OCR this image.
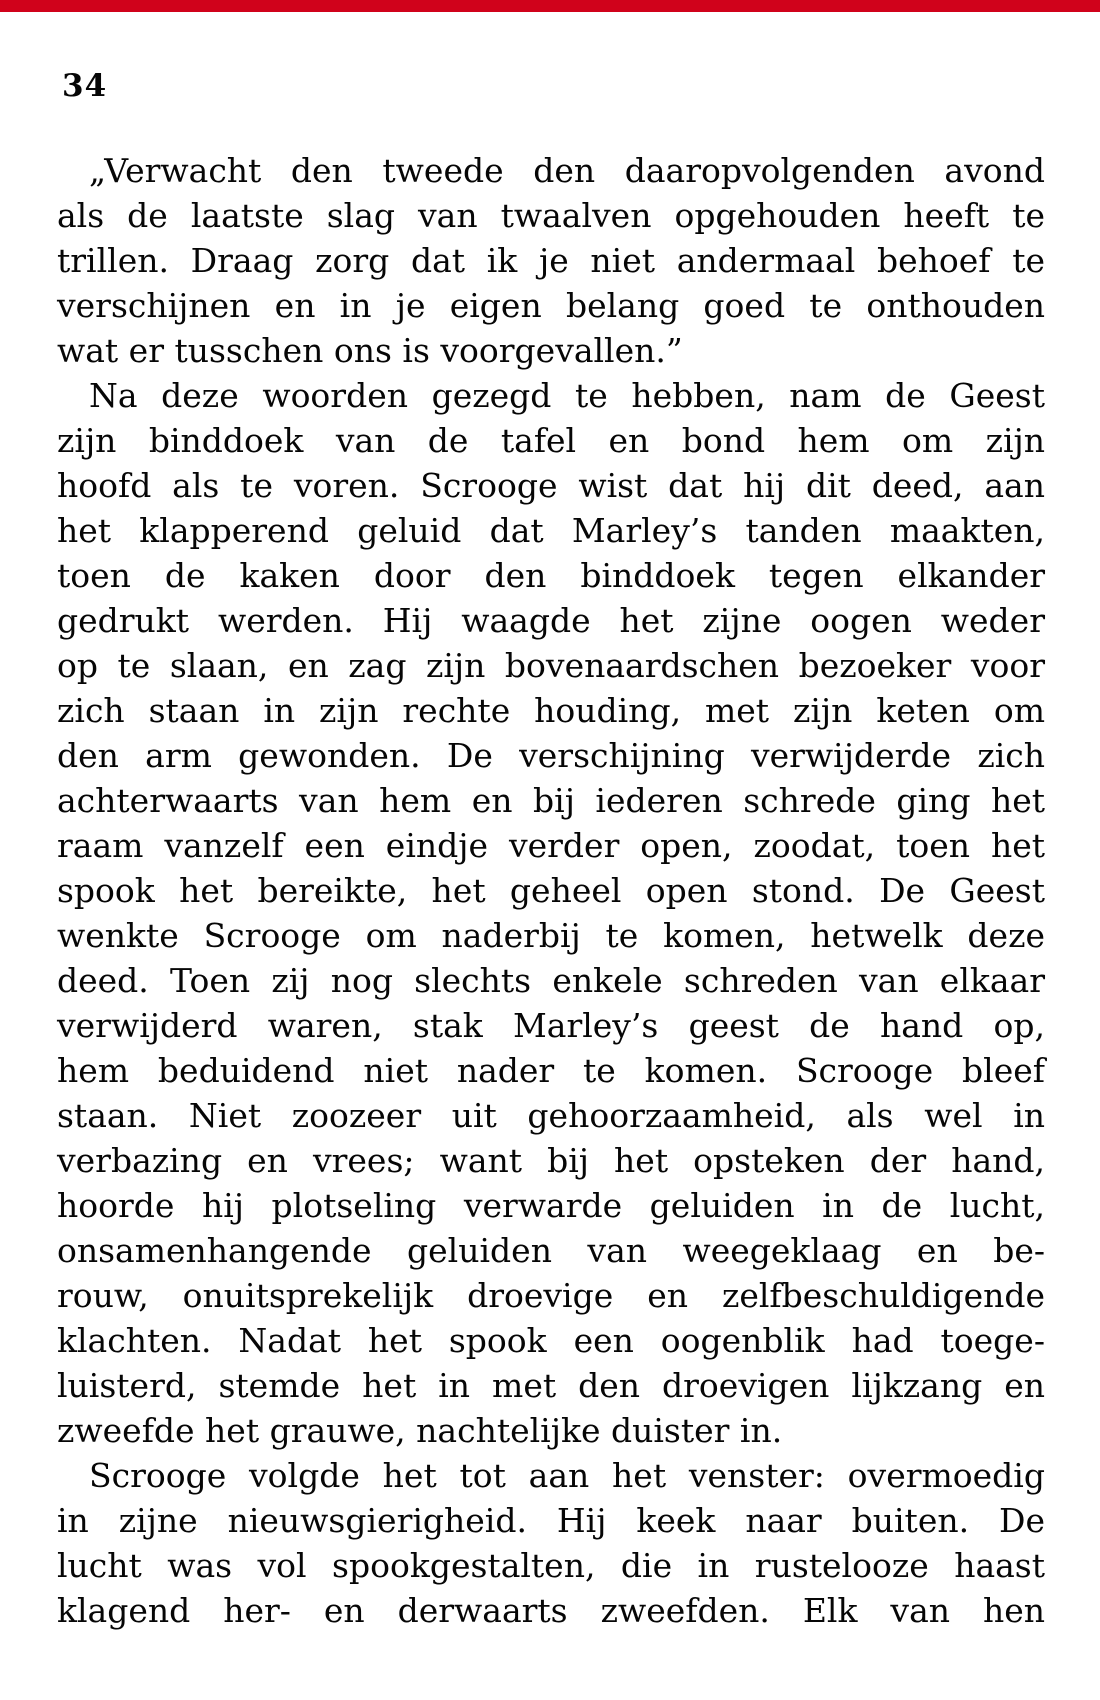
34
„Verwacht den tweede den daaropvolgenden avond
als de laatste slag van twaalven opgehouden heeft te
trillen. Draag zorg dat ik je niet andermaal behoef te
verschijnen en in je eigen belang goed te onthouden
wat er tusschen ons is voorgevallen.”
Na deze woorden gezegd te hebben, nam de Geest
zijn binddoek van de tafel en bond hem om zijn
hoofd als te voren. Scrooge wist dat hij dit deed, aan
het klapperend geluid dat Marley’s tanden maakten,
toen de kaken door den binddoek tegen elkander
gedrukt werden. Hij waagde het zijne oogen weder
op te slaan, en zag zijn bovenaardschen bezoeker voor
zich staan in zijn rechte houding, met zijn keten om
den arm gewonden. De verschijning verwijderde zich
achterwaarts van hem en bij iederen schrede ging het
raam vanzelf een eindje verder open, zoodat, toen het
spook het bereikte, het geheel open stond. De Geest
wenkte Scrooge om naderbij te komen, hetwelk deze
deed. Toen zij nog slechts enkele schreden van elkaar
verwijderd waren, stak Marley’s geest de hand op,
hem beduidend niet nader te komen. Scrooge bleef
staan. Niet zoozeer uit gehoorzaamheid, als wel in
verbazing en vrees; want bij het opsteken der hand,
hoorde hij plotseling verwarde geluiden in de lucht,
onsamenhangende geluiden van weegeklaag en be-
rouw, onuitsprekelijk droevige en zelfbeschuldigende
klachten. Nadat het spook een oogenblik had toege-
luisterd, stemde het in met den droevigen lijkzang en
zweefde het grauwe, nachtelijke duister in.
Scrooge volgde het tot aan het venster: overmoedig
in zijne nieuwsgierigheid. Hij keek naar buiten. De
lucht was vol spookgestalten, die in rustelooze haast
klagend her- en derwaarts zweefden. Elk van hen
